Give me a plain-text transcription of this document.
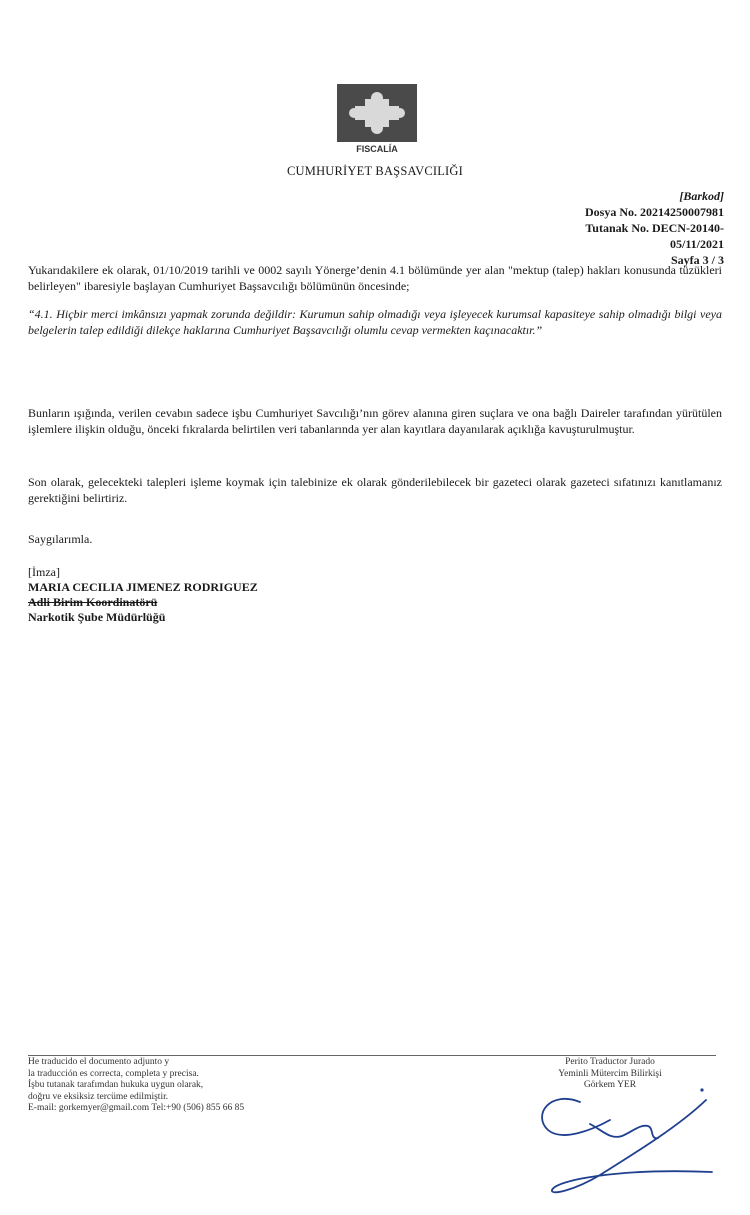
FISCALÍA
CUMHURİYET BAŞSAVCILIĞI
[Barkod]
Dosya No. 20214250007981
Tutanak No. DECN-20140-
05/11/2021
Sayfa 3 / 3
Yukarıdakilere ek olarak, 01/10/2019 tarihli ve 0002 sayılı Yönerge’denin 4.1 bölümünde yer alan "mektup (talep) hakları konusunda tüzükleri belirleyen" ibaresiyle başlayan Cumhuriyet Başsavcılığı bölümünün öncesinde;
“4.1. Hiçbir merci imkânsızı yapmak zorunda değildir: Kurumun sahip olmadığı veya işleyecek kurumsal kapasiteye sahip olmadığı bilgi veya belgelerin talep edildiği dilekçe haklarına Cumhuriyet Başsavcılığı olumlu cevap vermekten kaçınacaktır.”
Bunların ışığında, verilen cevabın sadece işbu Cumhuriyet Savcılığı’nın görev alanına giren suçlara ve ona bağlı Daireler tarafından yürütülen işlemlere ilişkin olduğu, önceki fıkralarda belirtilen veri tabanlarında yer alan kayıtlara dayanılarak açıklığa kavuşturulmuştur.
Son olarak, gelecekteki talepleri işleme koymak için talebinize ek olarak gönderilebilecek bir gazeteci olarak gazeteci sıfatınızı kanıtlamanız gerektiğini belirtiriz.
Saygılarımla.
[İmza]
MARIA CECILIA JIMENEZ RODRIGUEZ
Adli Birim Koordinatörü
Narkotik Şube Müdürlüğü
He traducido el documento adjunto y
la traducción es correcta, completa y precisa.
İşbu tutanak tarafımdan hukuka uygun olarak,
doğru ve eksiksiz tercüme edilmiştir.
E-mail: gorkemyer@gmail.com Tel:+90 (506) 855 66 85
Perito Traductor Jurado
Yeminli Mütercim Bilirkişi
Görkem YER
